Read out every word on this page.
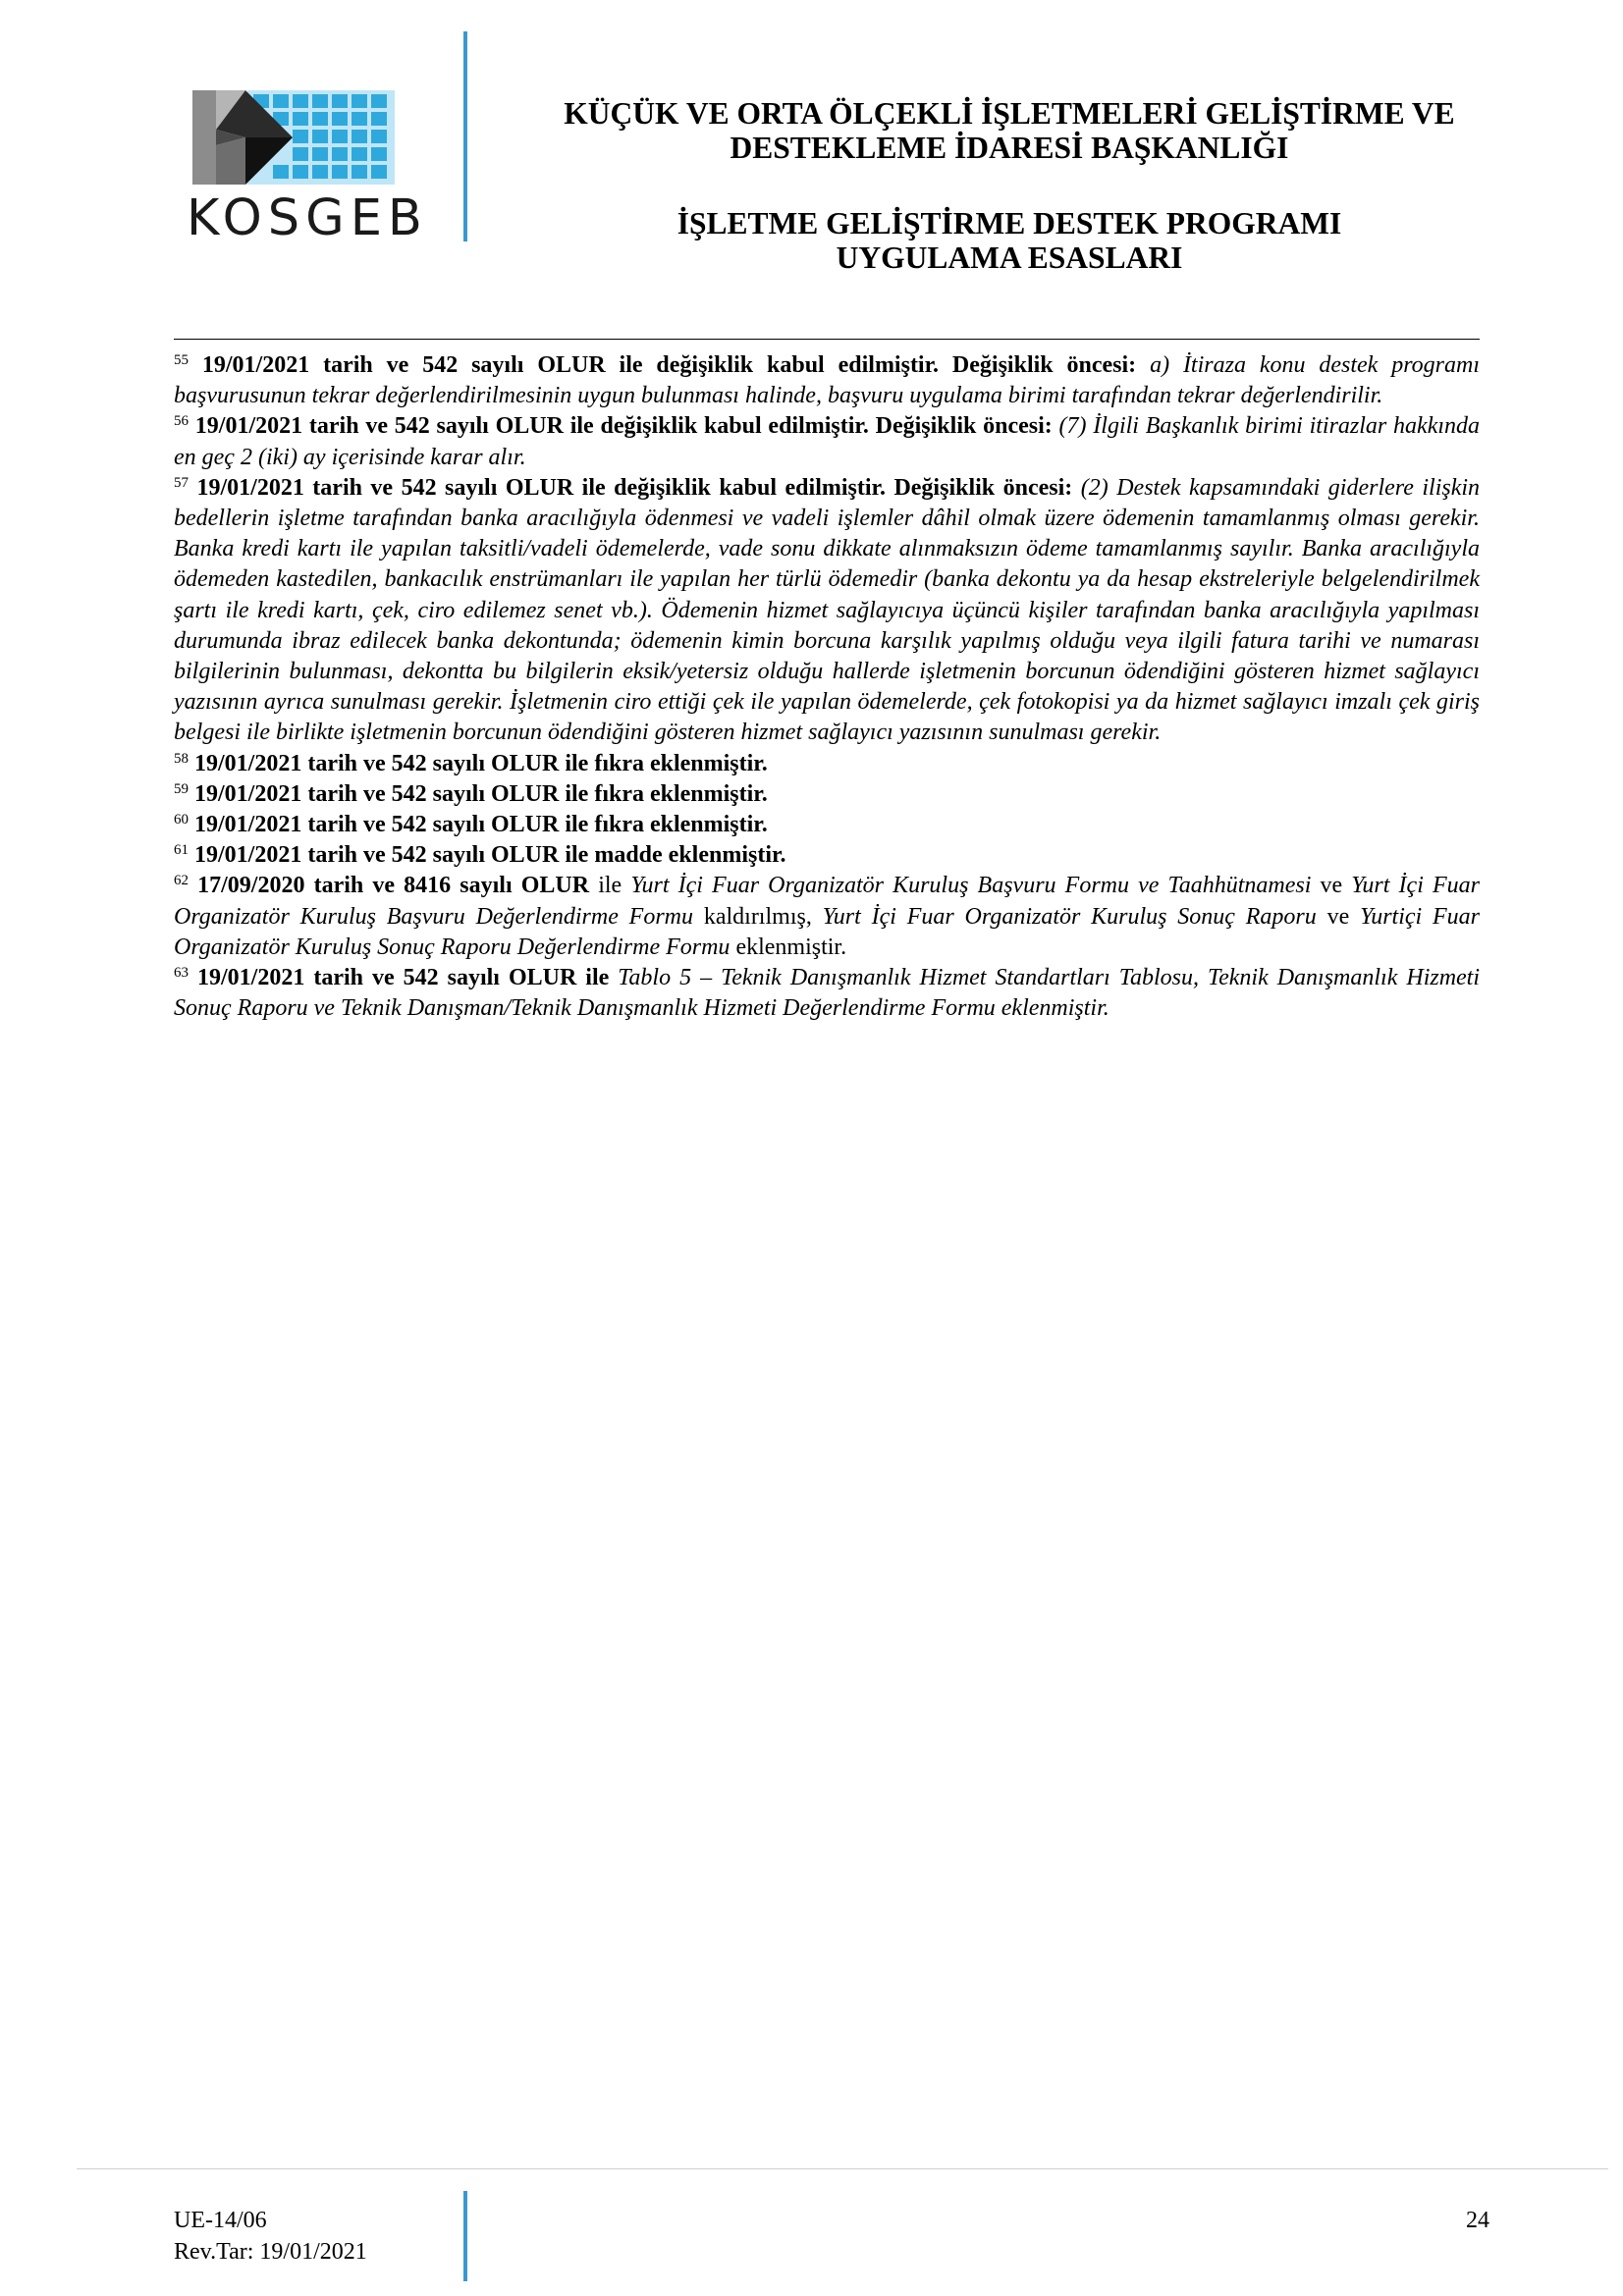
KOSGEB
KÜÇÜK VE ORTA ÖLÇEKLİ İŞLETMELERİ GELİŞTİRME VE
DESTEKLEME İDARESİ BAŞKANLIĞI
İŞLETME GELİŞTİRME DESTEK PROGRAMI
UYGULAMA ESASLARI

$^{55}$ 19/01/2021 tarih ve 542 sayılı OLUR ile değişiklik kabul edilmiştir. Değişiklik öncesi: a) İtiraza konu destek programı başvurusunun tekrar değerlendirilmesinin uygun bulunması halinde, başvuru uygulama birimi tarafından tekrar değerlendirilir.

$^{56}$ 19/01/2021 tarih ve 542 sayılı OLUR ile değişiklik kabul edilmiştir. Değişiklik öncesi: (7) İlgili Başkanlık birimi itirazlar hakkında en geç 2 (iki) ay içerisinde karar alır.

$^{57}$ 19/01/2021 tarih ve 542 sayılı OLUR ile değişiklik kabul edilmiştir. Değişiklik öncesi: (2) Destek kapsamındaki giderlere ilişkin bedellerin işletme tarafından banka aracılığıyla ödenmesi ve vadeli işlemler dâhil olmak üzere ödemenin tamamlanmış olması gerekir. Banka kredi kartı ile yapılan taksitli/vadeli ödemelerde, vade sonu dikkate alınmaksızın ödeme tamamlanmış sayılır. Banka aracılığıyla ödemeden kastedilen, bankacılık enstrümanları ile yapılan her türlü ödemedir (banka dekontu ya da hesap ekstreleriyle belgelendirilmek şartı ile kredi kartı, çek, ciro edilemez senet vb.). Ödemenin hizmet sağlayıcıya üçüncü kişiler tarafından banka aracılığıyla yapılması durumunda ibraz edilecek banka dekontunda; ödemenin kimin borcuna karşılık yapılmış olduğu veya ilgili fatura tarihi ve numarası bilgilerinin bulunması, dekontta bu bilgilerin eksik/yetersiz olduğu hallerde işletmenin borcunun ödendiğini gösteren hizmet sağlayıcı yazısının ayrıca sunulması gerekir. İşletmenin ciro ettiği çek ile yapılan ödemelerde, çek fotokopisi ya da hizmet sağlayıcı imzalı çek giriş belgesi ile birlikte işletmenin borcunun ödendiğini gösteren hizmet sağlayıcı yazısının sunulması gerekir.

$^{58}$ 19/01/2021 tarih ve 542 sayılı OLUR ile fıkra eklenmiştir.

$^{59}$ 19/01/2021 tarih ve 542 sayılı OLUR ile fıkra eklenmiştir.

$^{60}$ 19/01/2021 tarih ve 542 sayılı OLUR ile fıkra eklenmiştir.

$^{61}$ 19/01/2021 tarih ve 542 sayılı OLUR ile madde eklenmiştir.

$^{62}$ 17/09/2020 tarih ve 8416 sayılı OLUR ile Yurt İçi Fuar Organizatör Kuruluş Başvuru Formu ve Taahhütnamesi ve Yurt İçi Fuar Organizatör Kuruluş Başvuru Değerlendirme Formu kaldırılmış, Yurt İçi Fuar Organizatör Kuruluş Sonuç Raporu ve Yurtiçi Fuar Organizatör Kuruluş Sonuç Raporu Değerlendirme Formu eklenmiştir.

$^{63}$ 19/01/2021 tarih ve 542 sayılı OLUR ile Tablo 5 – Teknik Danışmanlık Hizmet Standartları Tablosu, Teknik Danışmanlık Hizmeti Sonuç Raporu ve Teknik Danışman/Teknik Danışmanlık Hizmeti Değerlendirme Formu eklenmiştir.

UE-14/06
Rev.Tar: 19/01/2021
24
